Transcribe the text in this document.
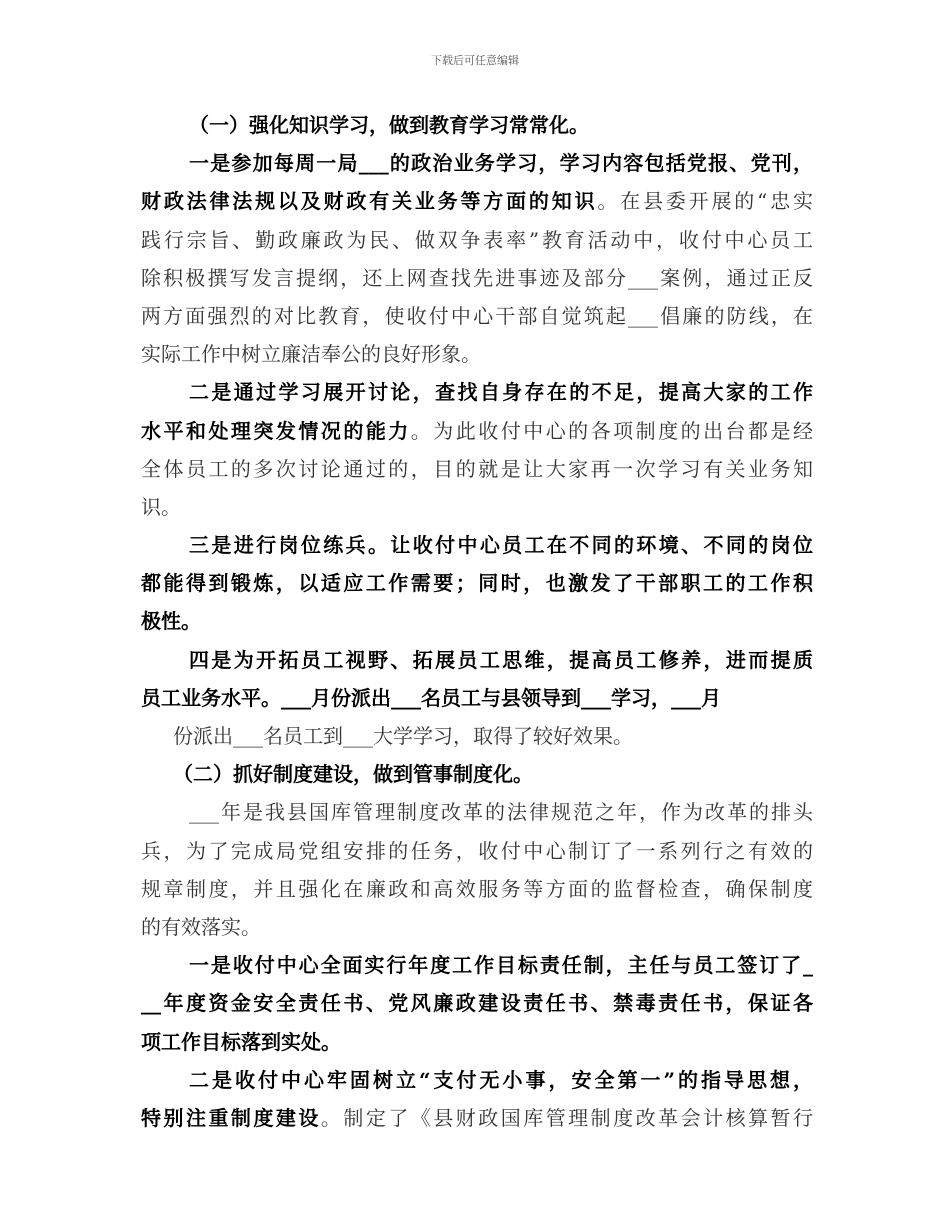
下载后可任意编辑
（一）强化知识学习，做到教育学习常常化。
一是参加每周一局___的政治业务学习，学习内容包括党报、党刊，
财政法律法规以及财政有关业务等方面的知识。在县委开展的“忠实
践行宗旨、勤政廉政为民、做双争表率”教育活动中，收付中心员工
除积极撰写发言提纲，还上网查找先进事迹及部分___案例，通过正反
两方面强烈的对比教育，使收付中心干部自觉筑起___倡廉的防线，在
实际工作中树立廉洁奉公的良好形象。
二是通过学习展开讨论，查找自身存在的不足，提高大家的工作
水平和处理突发情况的能力。为此收付中心的各项制度的出台都是经
全体员工的多次讨论通过的，目的就是让大家再一次学习有关业务知
识。
三是进行岗位练兵。让收付中心员工在不同的环境、不同的岗位
都能得到锻炼，以适应工作需要；同时，也激发了干部职工的工作积
极性。
四是为开拓员工视野、拓展员工思维，提高员工修养，进而提质
员工业务水平。___月份派出___名员工与县领导到___学习，___月
份派出___名员工到___大学学习，取得了较好效果。
（二）抓好制度建设，做到管事制度化。
___年是我县国库管理制度改革的法律规范之年，作为改革的排头
兵，为了完成局党组安排的任务，收付中心制订了一系列行之有效的
规章制度，并且强化在廉政和高效服务等方面的监督检查，确保制度
的有效落实。
一是收付中心全面实行年度工作目标责任制，主任与员工签订了_
__年度资金安全责任书、党风廉政建设责任书、禁毒责任书，保证各
项工作目标落到实处。
二是收付中心牢固树立“支付无小事，安全第一”的指导思想，
特别注重制度建设。制定了《县财政国库管理制度改革会计核算暂行
